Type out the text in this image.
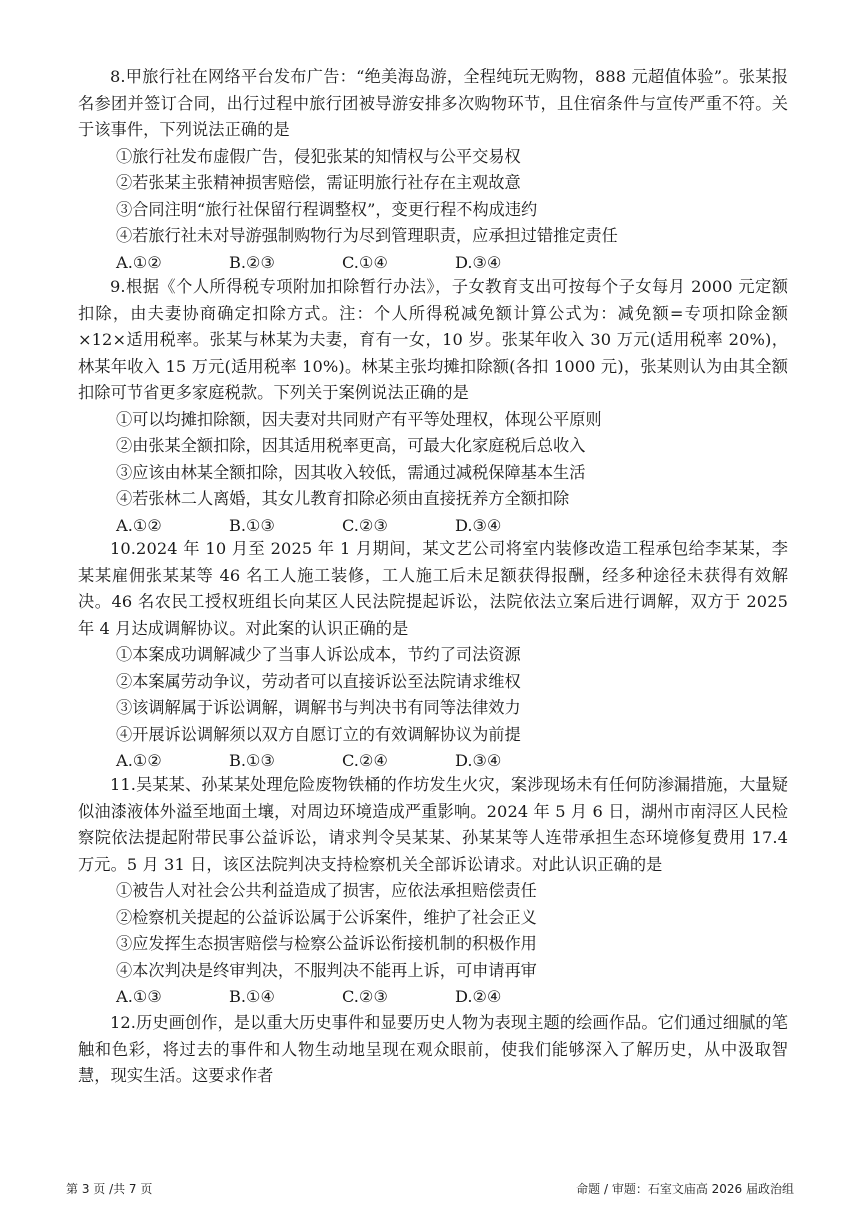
8.甲旅行社在网络平台发布广告：“绝美海岛游，全程纯玩无购物，888 元超值体验”。张某报名参团并签订合同，出行过程中旅行团被导游安排多次购物环节，且住宿条件与宣传严重不符。关于该事件，下列说法正确的是

①旅行社发布虚假广告，侵犯张某的知情权与公平交易权

②若张某主张精神损害赔偿，需证明旅行社存在主观故意

③合同注明“旅行社保留行程调整权”，变更行程不构成违约

④若旅行社未对导游强制购物行为尽到管理职责，应承担过错推定责任

A.①②	B.②③	C.①④	D.③④

9.根据《个人所得税专项附加扣除暂行办法》，子女教育支出可按每个子女每月 2000 元定额扣除，由夫妻协商确定扣除方式。注：个人所得税减免额计算公式为：减免额=专项扣除金额×12×适用税率。张某与林某为夫妻，育有一女，10 岁。张某年收入 30 万元(适用税率 20%)，林某年收入 15 万元(适用税率 10%)。林某主张均摊扣除额(各扣 1000 元)，张某则认为由其全额扣除可节省更多家庭税款。下列关于案例说法正确的是

①可以均摊扣除额，因夫妻对共同财产有平等处理权，体现公平原则

②由张某全额扣除，因其适用税率更高，可最大化家庭税后总收入

③应该由林某全额扣除，因其收入较低，需通过减税保障基本生活

④若张林二人离婚，其女儿教育扣除必须由直接抚养方全额扣除

A.①②	B.①③	C.②③	D.③④

10.2024 年 10 月至 2025 年 1 月期间，某文艺公司将室内装修改造工程承包给李某某，李某某雇佣张某某等 46 名工人施工装修，工人施工后未足额获得报酬，经多种途径未获得有效解决。46 名农民工授权班组长向某区人民法院提起诉讼，法院依法立案后进行调解，双方于 2025 年 4 月达成调解协议。对此案的认识正确的是

①本案成功调解减少了当事人诉讼成本，节约了司法资源

②本案属劳动争议，劳动者可以直接诉讼至法院请求维权

③该调解属于诉讼调解，调解书与判决书有同等法律效力

④开展诉讼调解须以双方自愿订立的有效调解协议为前提

A.①②	B.①③	C.②④	D.③④

11.吴某某、孙某某处理危险废物铁桶的作坊发生火灾，案涉现场未有任何防渗漏措施，大量疑似油漆液体外溢至地面土壤，对周边环境造成严重影响。2024 年 5 月 6 日，湖州市南浔区人民检察院依法提起附带民事公益诉讼，请求判令吴某某、孙某某等人连带承担生态环境修复费用 17.4 万元。5 月 31 日，该区法院判决支持检察机关全部诉讼请求。对此认识正确的是

①被告人对社会公共利益造成了损害，应依法承担赔偿责任

②检察机关提起的公益诉讼属于公诉案件，维护了社会正义

③应发挥生态损害赔偿与检察公益诉讼衔接机制的积极作用

④本次判决是终审判决，不服判决不能再上诉，可申请再审

A.①③	B.①④	C.②③	D.②④

12.历史画创作，是以重大历史事件和显要历史人物为表现主题的绘画作品。它们通过细腻的笔触和色彩，将过去的事件和人物生动地呈现在观众眼前，使我们能够深入了解历史，从中汲取智慧，现实生活。这要求作者

第 3 页 /共 7 页	命题 / 审题：石室文庙高 2026 届政治组
